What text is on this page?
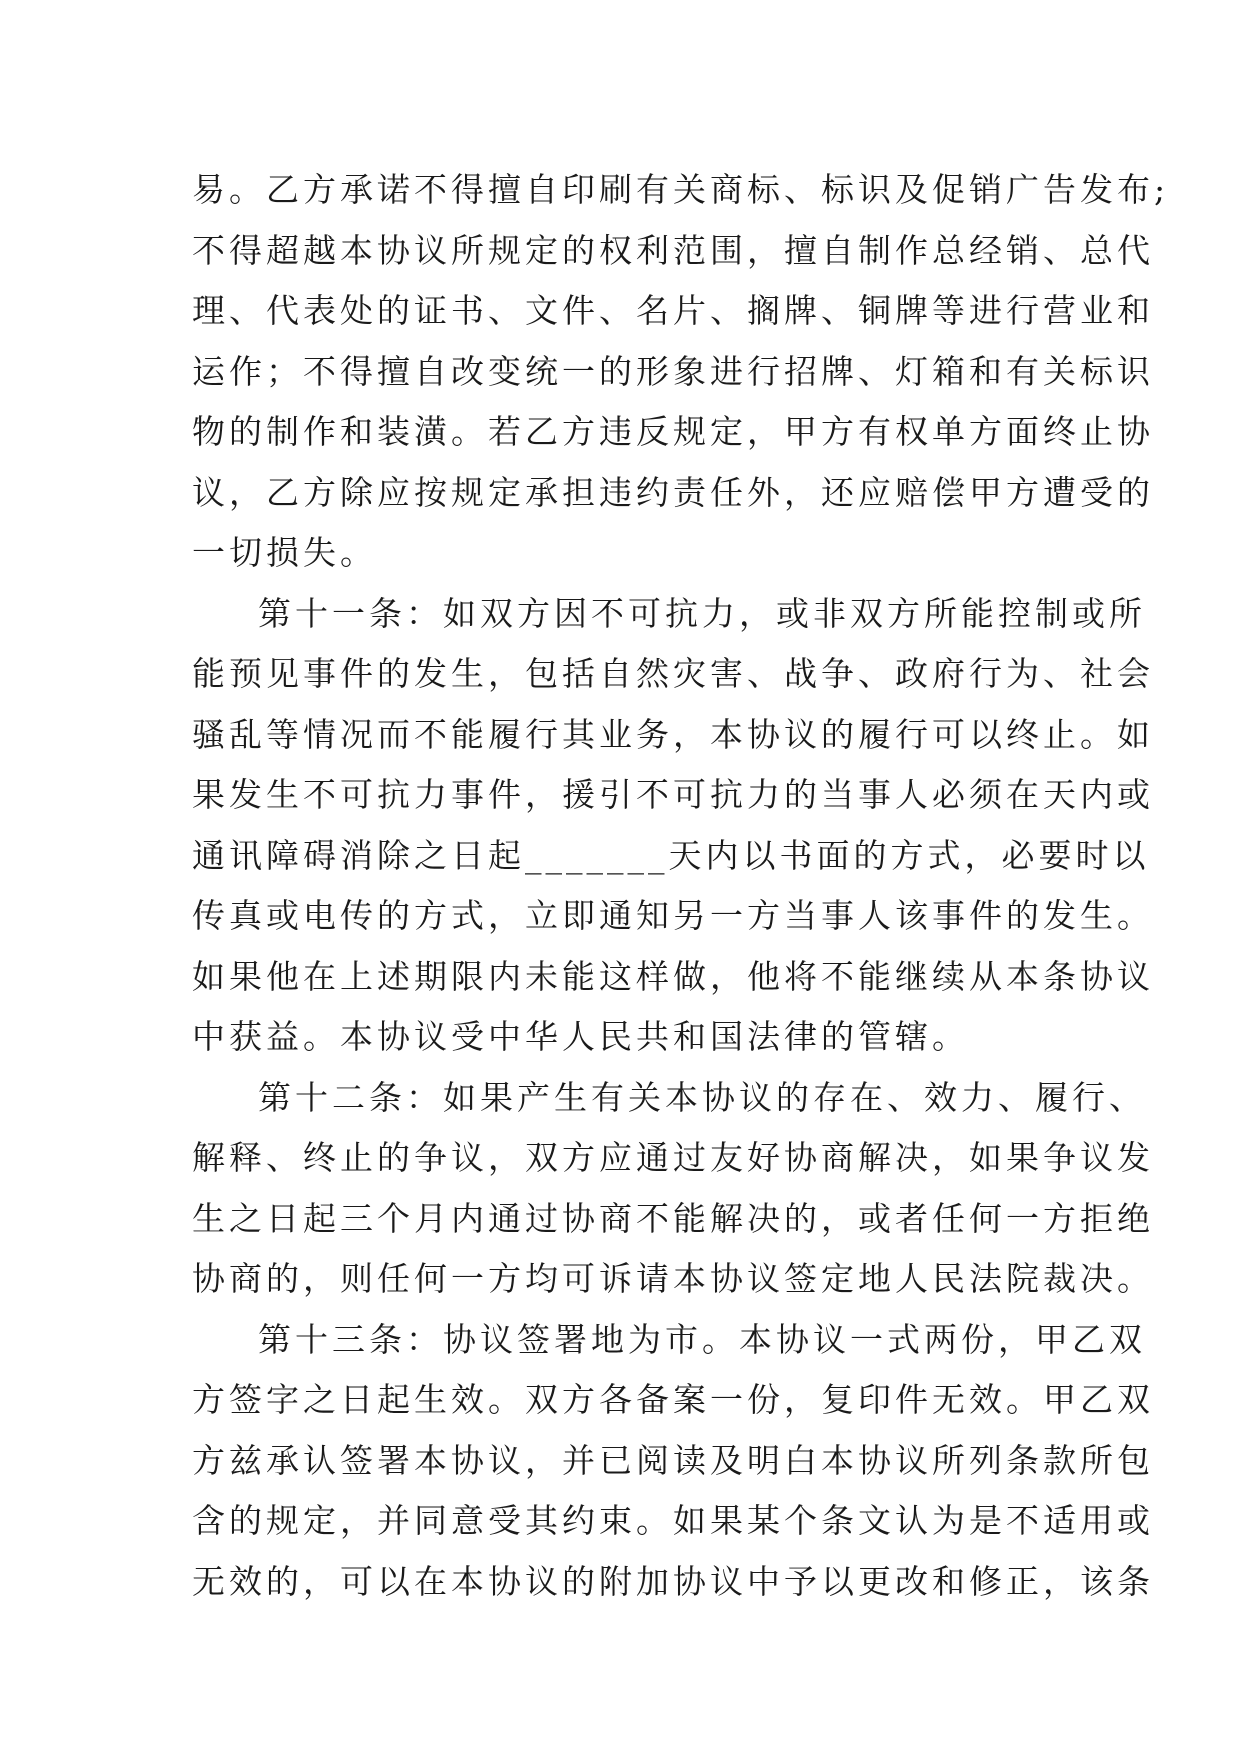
易。乙方承诺不得擅自印刷有关商标、标识及促销广告发布;
不得超越本协议所规定的权利范围，擅自制作总经销、总代
理、代表处的证书、文件、名片、搁牌、铜牌等进行营业和
运作；不得擅自改变统一的形象进行招牌、灯箱和有关标识
物的制作和装潢。若乙方违反规定，甲方有权单方面终止协
议，乙方除应按规定承担违约责任外，还应赔偿甲方遭受的
一切损失。
第十一条：如双方因不可抗力，或非双方所能控制或所
能预见事件的发生，包括自然灾害、战争、政府行为、社会
骚乱等情况而不能履行其业务，本协议的履行可以终止。如
果发生不可抗力事件，援引不可抗力的当事人必须在天内或
通讯障碍消除之日起_______天内以书面的方式，必要时以
传真或电传的方式，立即通知另一方当事人该事件的发生。
如果他在上述期限内未能这样做，他将不能继续从本条协议
中获益。本协议受中华人民共和国法律的管辖。
第十二条：如果产生有关本协议的存在、效力、履行、
解释、终止的争议，双方应通过友好协商解决，如果争议发
生之日起三个月内通过协商不能解决的，或者任何一方拒绝
协商的，则任何一方均可诉请本协议签定地人民法院裁决。
第十三条：协议签署地为市。本协议一式两份，甲乙双
方签字之日起生效。双方各备案一份，复印件无效。甲乙双
方兹承认签署本协议，并已阅读及明白本协议所列条款所包
含的规定，并同意受其约束。如果某个条文认为是不适用或
无效的，可以在本协议的附加协议中予以更改和修正，该条
